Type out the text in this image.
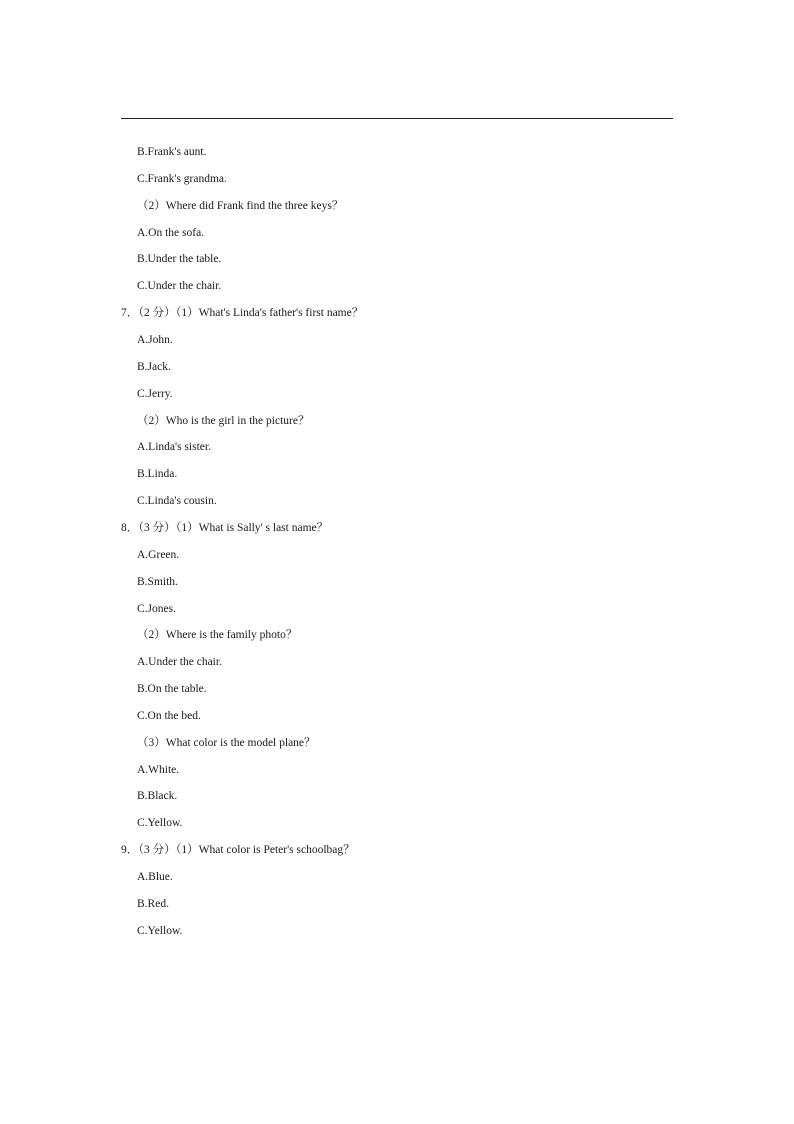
B.Frank's aunt.
C.Frank's grandma.
（2）Where did Frank find the three keys？
A.On the sofa.
B.Under the table.
C.Under the chair.
7．（2 分）（1）What's Linda's father's first name？
A.John.
B.Jack.
C.Jerry.
（2）Who is the girl in the picture？
A.Linda's sister.
B.Linda.
C.Linda's cousin.
8．（3 分）（1）What is Sally' s last name？
A.Green.
B.Smith.
C.Jones.
（2）Where is the family photo？
A.Under the chair.
B.On the table.
C.On the bed.
（3）What color is the model plane？
A.White.
B.Black.
C.Yellow.
9．（3 分）（1）What color is Peter's schoolbag？
A.Blue.
B.Red.
C.Yellow.
